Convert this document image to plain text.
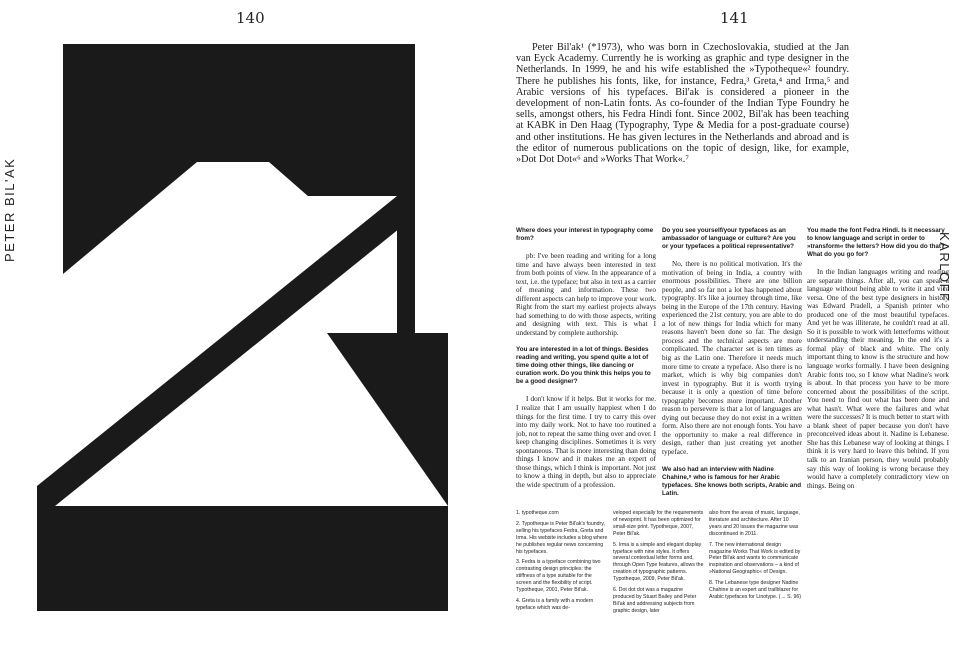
140	141
PETER BIL'AK
KARLOFF
Peter Bil'ak¹ (*1973), who was born in Czechoslovakia, studied at the Jan van Eyck Academy. Currently he is working as graphic and type designer in the Netherlands. In 1999, he and his wife established the »Typotheque«² foundry. There he publishes his fonts, like, for instance, Fedra,³ Greta,⁴ and Irma,⁵ and Arabic versions of his typefaces. Bil'ak is considered a pioneer in the development of non-Latin fonts. As co-founder of the Indian Type Foundry he sells, amongst others, his Fedra Hindi font. Since 2002, Bil'ak has been teaching at KABK in Den Haag (Typography, Type & Media for a post-graduate course) and other institutions. He has given lectures in the Netherlands and abroad and is the editor of numerous publications on the topic of design, like, for example, »Dot Dot Dot«⁶ and »Works That Work«.⁷

Where does your interest in typography come from?

pb: I've been reading and writing for a long time and have always been interested in text from both points of view. In the appearance of a text, i.e. the typeface; but also in text as a carrier of meaning and information. These two different aspects can help to improve your work. Right from the start my earliest projects always had something to do with those aspects, writing and designing with text. This is what I understand by complete authorship.

You are interested in a lot of things. Besides reading and writing, you spend quite a lot of time doing other things, like dancing or curation work. Do you think this helps you to be a good designer?

I don't know if it helps. But it works for me. I realize that I am usually happiest when I do things for the first time. I try to carry this over into my daily work. Not to have too routined a job, not to repeat the same thing over and over. I keep changing disciplines. Sometimes it is very spontaneous. That is more interesting than doing things I know and it makes me an expert of those things, which I think is important. Not just to know a thing in depth, but also to appreciate the wide spectrum of a profession.

Do you see yourself/your typefaces as an ambassador of language or culture? Are you or your typefaces a political representative?

No, there is no political motivation. It's the motivation of being in India, a country with enormous possibilities. There are one billion people, and so far not a lot has happened about typography. It's like a journey through time, like being in the Europe of the 17th century. Having experienced the 21st century, you are able to do a lot of new things for India which for many reasons haven't been done so far. The design process and the technical aspects are more complicated. The character set is ten times as big as the Latin one. Therefore it needs much more time to create a typeface. Also there is no market, which is why big companies don't invest in typography. But it is worth trying because it is only a question of time before typography becomes more important. Another reason to persevere is that a lot of languages are dying out because they do not exist in a written form. Also there are not enough fonts. You have the opportunity to make a real difference in design, rather than just creating yet another typeface.

We also had an interview with Nadine Chahine,⁸ who is famous for her Arabic typefaces. She knows both scripts, Arabic and Latin.

You made the font Fedra Hindi. Is it necessary to know language and script in order to »transform« the letters? How did you do that? What do you go for?

In the Indian languages writing and reading are separate things. After all, you can speak a language without being able to write it and vice versa. One of the best type designers in history was Edward Pradell, a Spanish printer who produced one of the most beautiful typefaces. And yet he was illiterate, he couldn't read at all. So it is possible to work with letterforms without understanding their meaning. In the end it's a formal play of black and white. The only important thing to know is the structure and how language works formally. I have been designing Arabic fonts too, so I know what Nadine's work is about. In that process you have to be more concerned about the possibilities of the script. You need to find out what has been done and what hasn't. What were the failures and what were the successes? It is much better to start with a blank sheet of paper because you don't have preconceived ideas about it. Nadine is Lebanese. She has this Lebanese way of looking at things. I think it is very hard to leave this behind. If you talk to an Iranian person, they would probably say this way of looking is wrong because they would have a completely contradictory view on things. Being on

1. typotheque.com

2. Typotheque is Peter Bil'ak's foundry, selling his typefaces Fedra, Greta and Irma. His website includes a blog where he publishes regular news concerning his typefaces.

3. Fedra is a typeface combining two contrasting design principles: the stiffness of a type suitable for the screen and the flexibility of script. Typotheque, 2001, Peter Bil'ak.

4. Greta is a family with a modern typeface which was de-

veloped especially for the requirements of newsprint. It has been optimized for small-size print. Typotheque, 2007, Peter Bil'ak.

5. Irma is a simple and elegant display typeface with nine styles. It offers several contextual letter forms and, through Open Type features, allows the creation of typographic patterns. Typotheque, 2009, Peter Bil'ak.

6. Dot dot dot was a magazine produced by Stuart Bailey and Peter Bil'ak and addressing subjects from graphic design, later

also from the areas of music, language, literature and architecture. After 10 years and 20 issues the magazine was discontinued in 2011.

7. The new international design magazine Works That Work is edited by Peter Bil'ak and wants to communicate inspiration and observations – a kind of »National Geographic« of Design.

8. The Lebanese type designer Nadine Chahine is an expert and trailblazer for Arabic typefaces for Linotype. (→ S. 96)
